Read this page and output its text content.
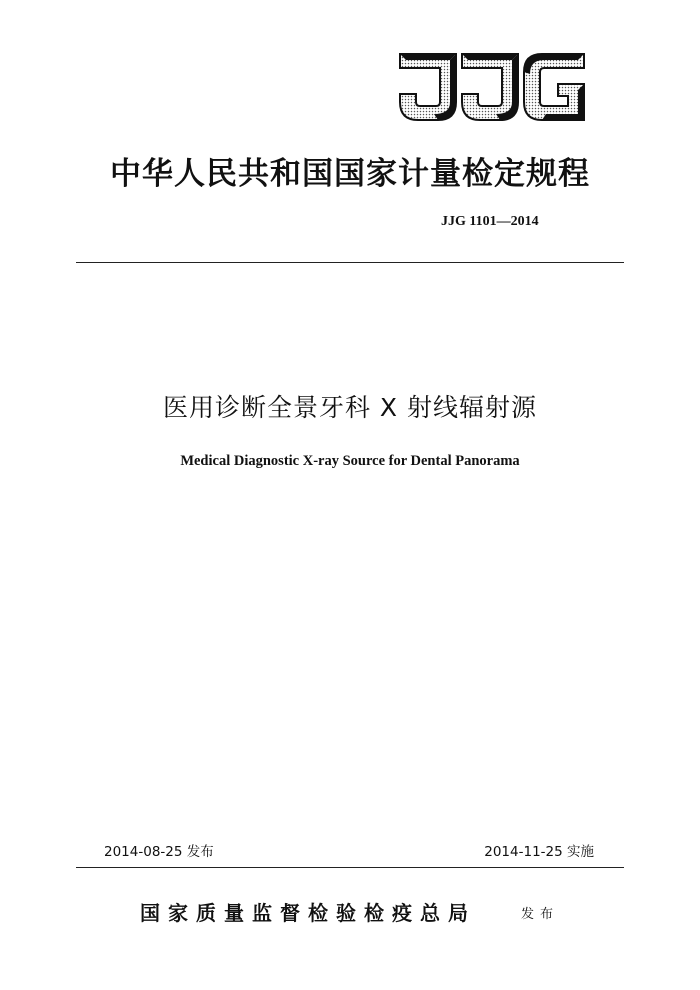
中华人民共和国国家计量检定规程
JJG 1101—2014
医用诊断全景牙科 X 射线辐射源
Medical Diagnostic X-ray Source for Dental Panorama
2014-08-25 发布	2014-11-25 实施
国家质量监督检验检疫总局	发布
